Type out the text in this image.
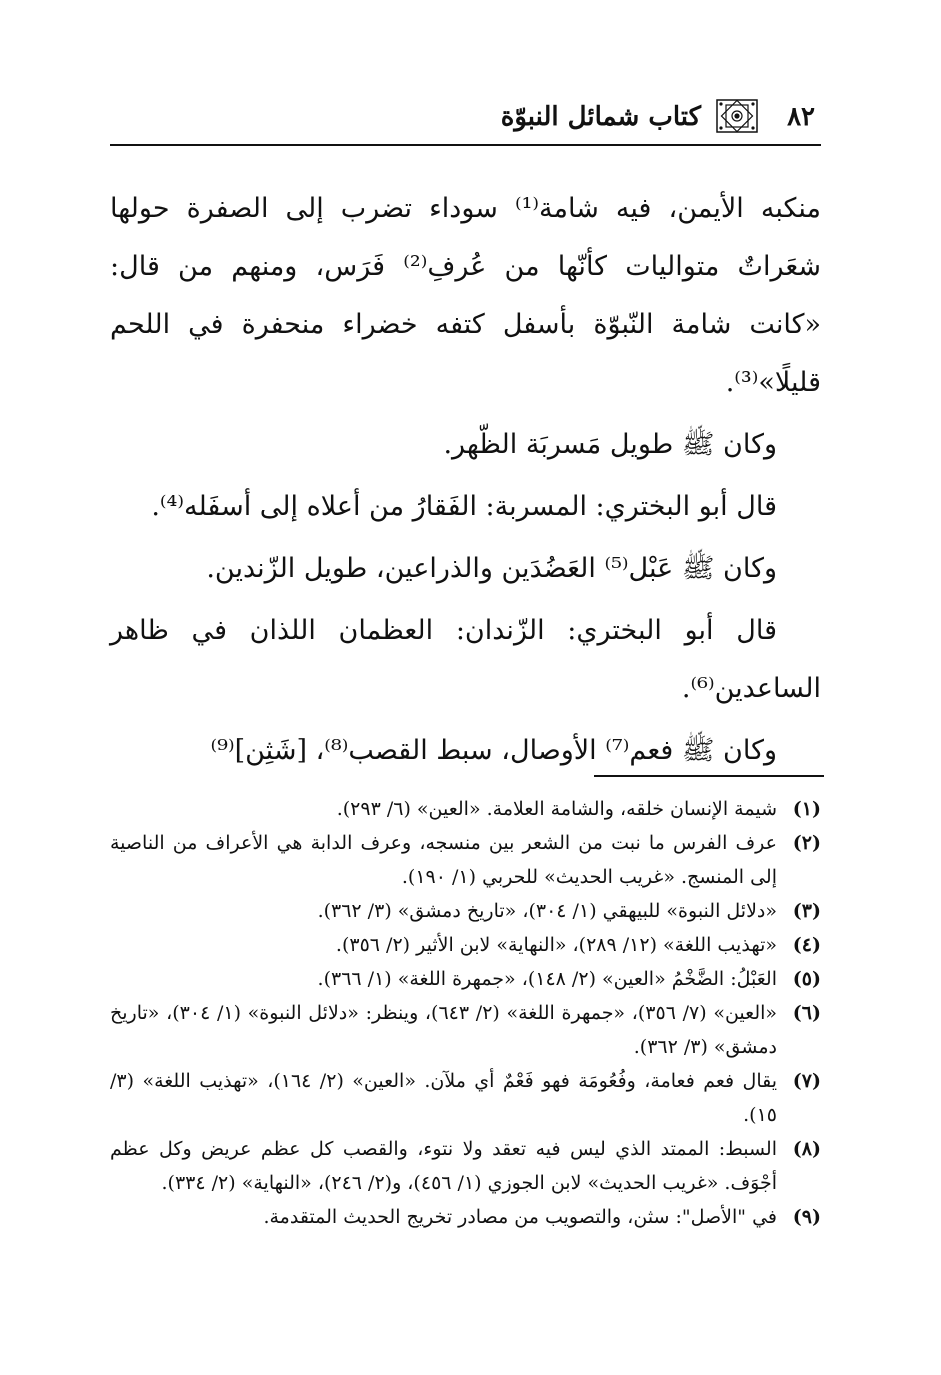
٨٢
كتاب شمائل النبوّة

منكبه الأيمن، فيه شامة⁽¹⁾ سوداء تضرب إلى الصفرة حولها شعَراتٌ متواليات كأنّها من عُرفِ⁽²⁾ فَرَس، ومنهم من قال: «كانت شامة النّبوّة بأسفل كتفه خضراء منحفرة في اللحم قليلًا»⁽³⁾.

وكان ﷺ طويل مَسربَة الظّهر.

قال أبو البختري: المسربة: الفَقارُ من أعلاه إلى أسفَله⁽⁴⁾.

وكان ﷺ عَبْل⁽⁵⁾ العَضُدَين والذراعين، طويل الزّندين.

قال أبو البختري: الزّندان: العظمان اللذان في ظاهر الساعدين⁽⁶⁾.

وكان ﷺ فعم⁽⁷⁾ الأوصال، سبط القصب⁽⁸⁾، [شَثِن]⁽⁹⁾

(١)
شيمة الإنسان خلقه، والشامة العلامة. «العين» (٦/ ٢٩٣).
(٢)
عرف الفرس ما نبت من الشعر بين منسجه، وعرف الدابة هي الأعراف من الناصية إلى المنسج. «غريب الحديث» للحربي (١/ ١٩٠).
(٣)
«دلائل النبوة» للبيهقي (١/ ٣٠٤)، «تاريخ دمشق» (٣/ ٣٦٢).
(٤)
«تهذيب اللغة» (١٢/ ٢٨٩)، «النهاية» لابن الأثير (٢/ ٣٥٦).
(٥)
العَبْلُ: الضَّخْمُ «العين» (٢/ ١٤٨)، «جمهرة اللغة» (١/ ٣٦٦).
(٦)
«العين» (٧/ ٣٥٦)، «جمهرة اللغة» (٢/ ٦٤٣)، وينظر: «دلائل النبوة» (١/ ٣٠٤)، «تاريخ دمشق» (٣/ ٣٦٢).
(٧)
يقال فعم فعامة، وفُعُومَة فهو فَعْمٌ أي ملآن. «العين» (٢/ ١٦٤)، «تهذيب اللغة» (٣/ ١٥).
(٨)
السبط: الممتد الذي ليس فيه تعقد ولا نتوء، والقصب كل عظم عريض وكل عظم أجْوَف. «غريب الحديث» لابن الجوزي (١/ ٤٥٦)، و(٢/ ٢٤٦)، «النهاية» (٢/ ٣٣٤).
(٩)
في "الأصل": سثن، والتصويب من مصادر تخريج الحديث المتقدمة.
